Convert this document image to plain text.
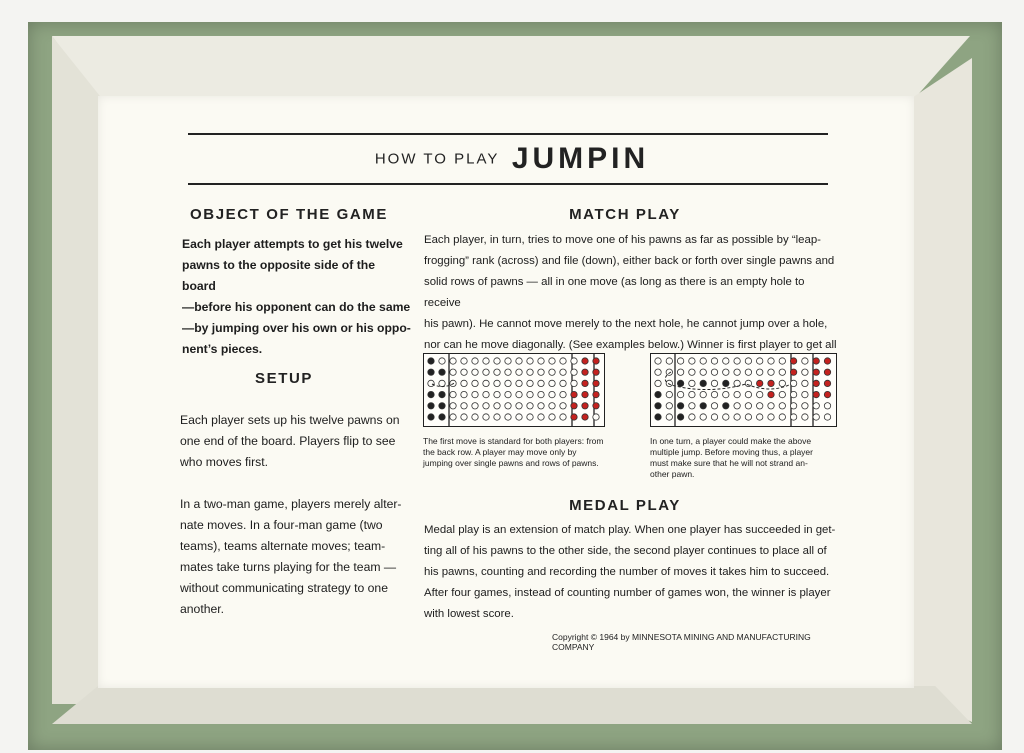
HOW TO PLAY JUMPIN
OBJECT OF THE GAME
Each player attempts to get his twelve
pawns to the opposite side of the board
—before his opponent can do the same
—by jumping over his own or his oppo-
nent’s pieces.
SETUP
Each player sets up his twelve pawns on
one end of the board. Players flip to see
who moves first.
In a two-man game, players merely alter-
nate moves. In a four-man game (two
teams), teams alternate moves; team-
mates take turns playing for the team —
without communicating strategy to one
another.
MATCH PLAY
Each player, in turn, tries to move one of his pawns as far as possible by “leap-
frogging” rank (across) and file (down), either back or forth over single pawns and
solid rows of pawns — all in one move (as long as there is an empty hole to receive
his pawn). He cannot move merely to the next hole, he cannot jump over a hole,
nor can he move diagonally. (See examples below.) Winner is first player to get all
The first move is standard for both players: from
the back row. A player may move only by
jumping over single pawns and rows of pawns.
In one turn, a player could make the above
multiple jump. Before moving thus, a player
must make sure that he will not strand an-
other pawn.
MEDAL PLAY
Medal play is an extension of match play. When one player has succeeded in get-
ting all of his pawns to the other side, the second player continues to place all of
his pawns, counting and recording the number of moves it takes him to succeed.
After four games, instead of counting number of games won, the winner is player
with lowest score.
Copyright © 1964 by MINNESOTA MINING AND MANUFACTURING COMPANY
